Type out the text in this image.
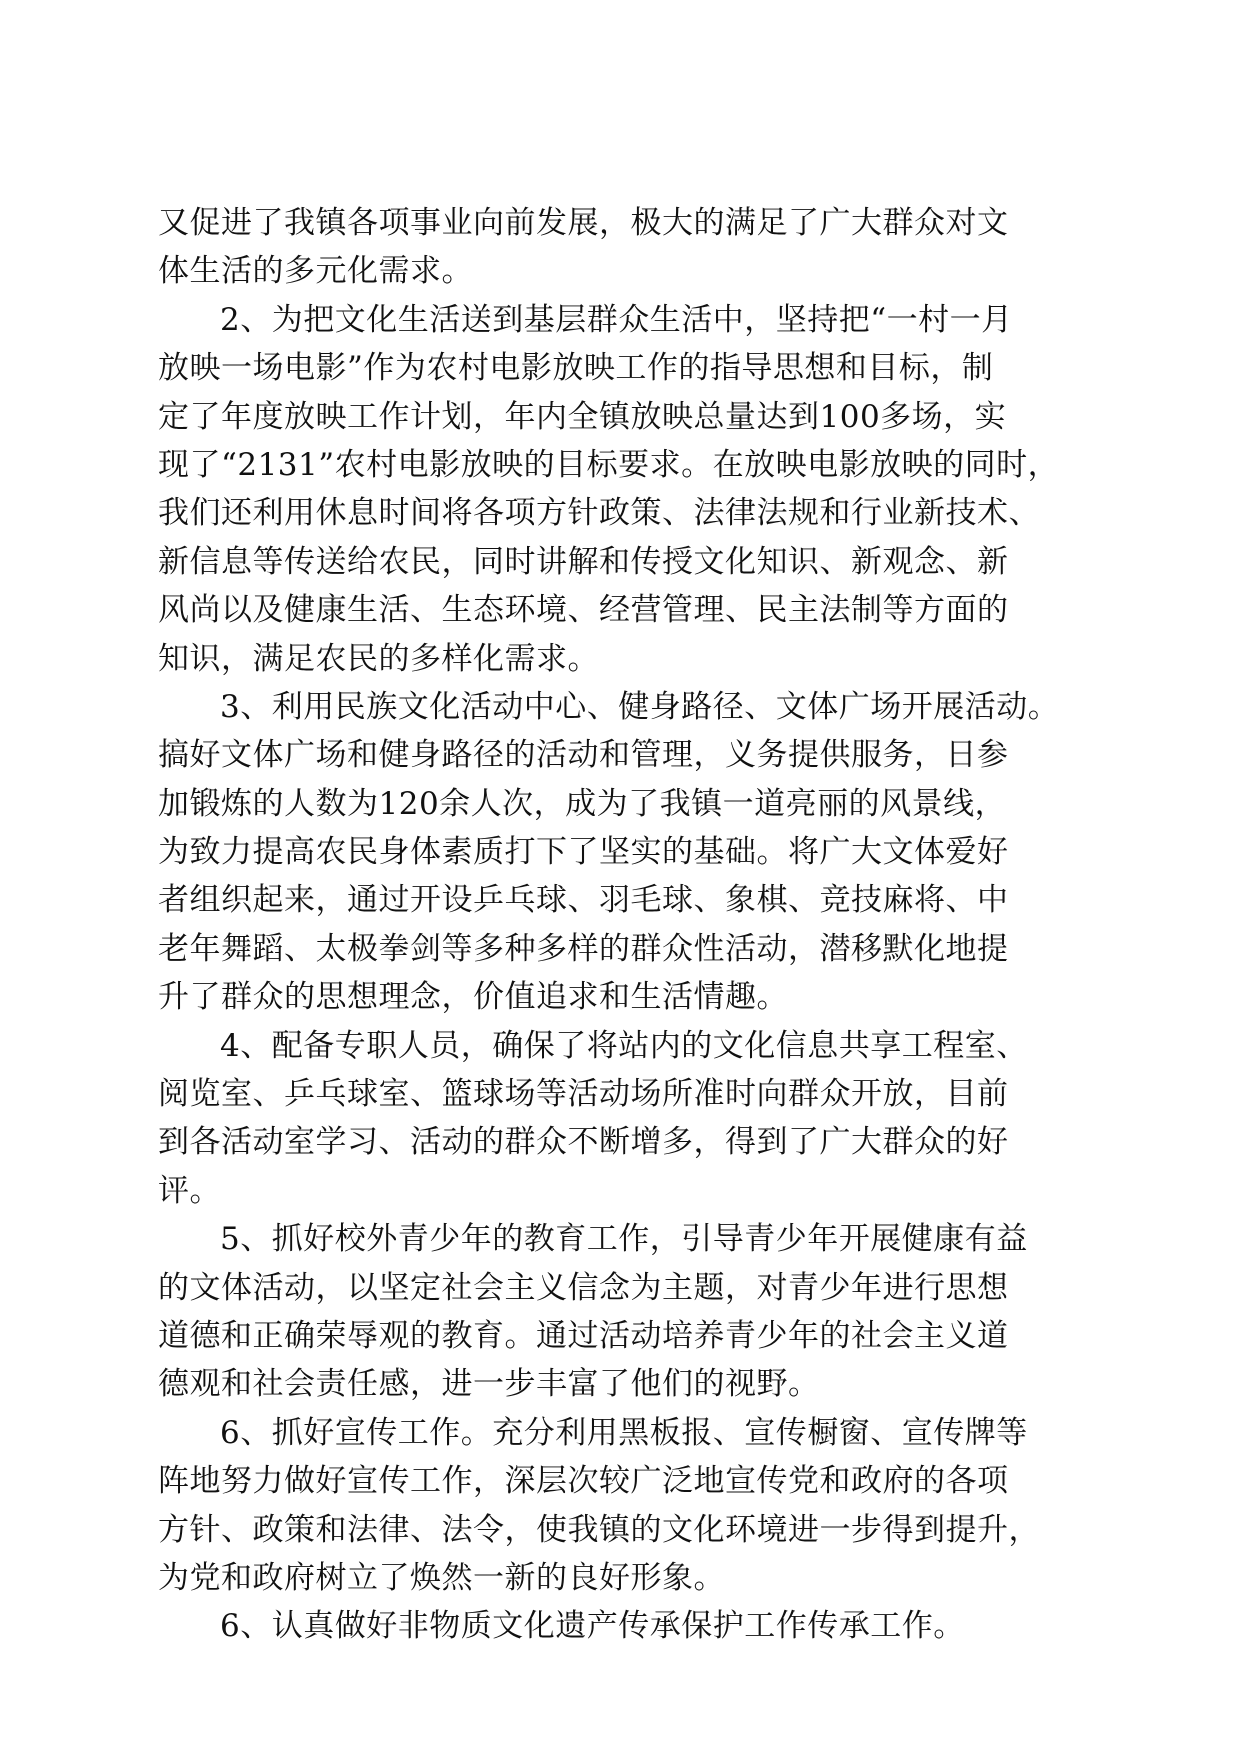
又促进了我镇各项事业向前发展，极大的满足了广大群众对文
体生活的多元化需求。
2、为把文化生活送到基层群众生活中，坚持把“一村一月
放映一场电影”作为农村电影放映工作的指导思想和目标，制
定了年度放映工作计划，年内全镇放映总量达到100多场，实
现了“2131”农村电影放映的目标要求。在放映电影放映的同时，
我们还利用休息时间将各项方针政策、法律法规和行业新技术、
新信息等传送给农民，同时讲解和传授文化知识、新观念、新
风尚以及健康生活、生态环境、经营管理、民主法制等方面的
知识，满足农民的多样化需求。
3、利用民族文化活动中心、健身路径、文体广场开展活动。
搞好文体广场和健身路径的活动和管理，义务提供服务，日参
加锻炼的人数为120余人次，成为了我镇一道亮丽的风景线，
为致力提高农民身体素质打下了坚实的基础。将广大文体爱好
者组织起来，通过开设乒乓球、羽毛球、象棋、竞技麻将、中
老年舞蹈、太极拳剑等多种多样的群众性活动，潜移默化地提
升了群众的思想理念，价值追求和生活情趣。
4、配备专职人员，确保了将站内的文化信息共享工程室、
阅览室、乒乓球室、篮球场等活动场所准时向群众开放，目前
到各活动室学习、活动的群众不断增多，得到了广大群众的好
评。
5、抓好校外青少年的教育工作，引导青少年开展健康有益
的文体活动，以坚定社会主义信念为主题，对青少年进行思想
道德和正确荣辱观的教育。通过活动培养青少年的社会主义道
德观和社会责任感，进一步丰富了他们的视野。
6、抓好宣传工作。充分利用黑板报、宣传橱窗、宣传牌等
阵地努力做好宣传工作，深层次较广泛地宣传党和政府的各项
方针、政策和法律、法令，使我镇的文化环境进一步得到提升，
为党和政府树立了焕然一新的良好形象。
6、认真做好非物质文化遗产传承保护工作传承工作。
